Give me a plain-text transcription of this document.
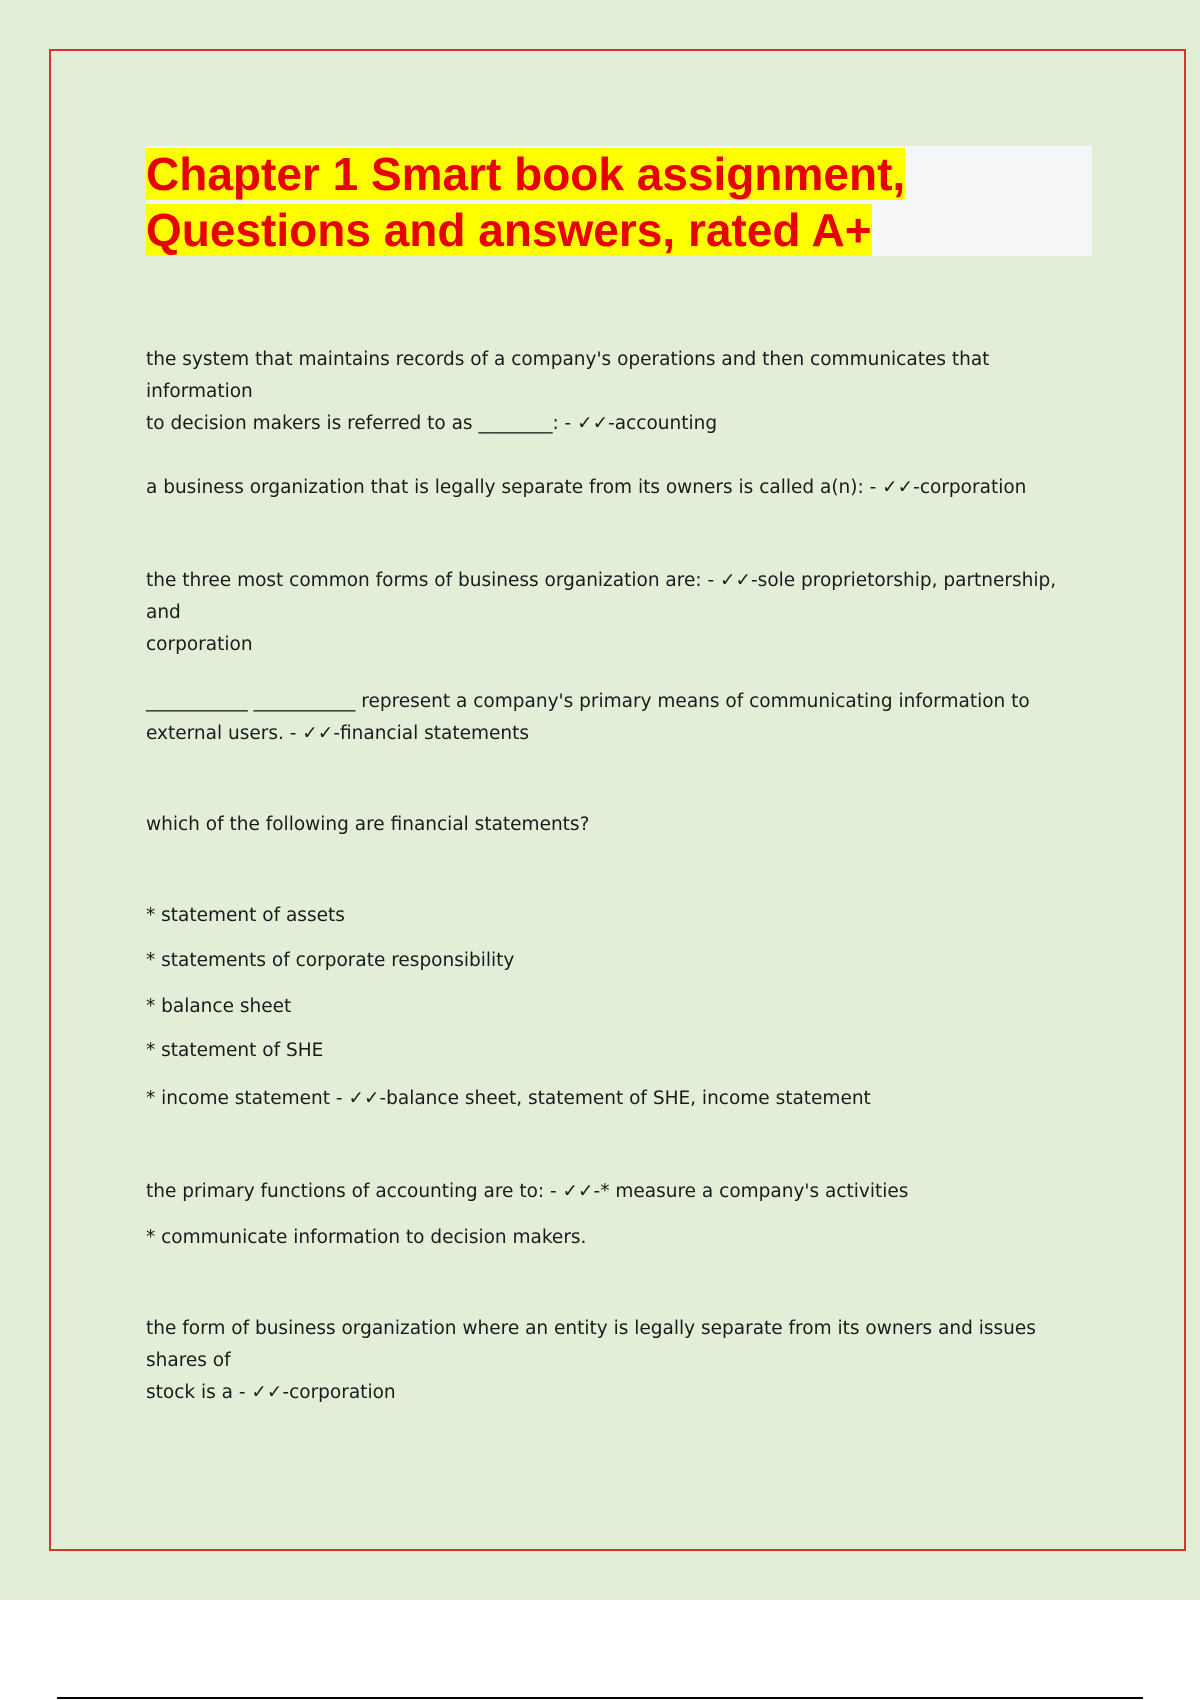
Chapter 1 Smart book assignment,
Questions and answers, rated A+
the system that maintains records of a company's operations and then communicates that information
to decision makers is referred to as ________: - ✓✓-accounting
a business organization that is legally separate from its owners is called a(n): - ✓✓-corporation
the three most common forms of business organization are: - ✓✓-sole proprietorship, partnership, and
corporation
___________ ___________ represent a company's primary means of communicating information to
external users. - ✓✓-financial statements
which of the following are financial statements?
* statement of assets
* statements of corporate responsibility
* balance sheet
* statement of SHE
* income statement - ✓✓-balance sheet, statement of SHE, income statement
the primary functions of accounting are to: - ✓✓-* measure a company's activities
* communicate information to decision makers.
the form of business organization where an entity is legally separate from its owners and issues shares of
stock is a - ✓✓-corporation
